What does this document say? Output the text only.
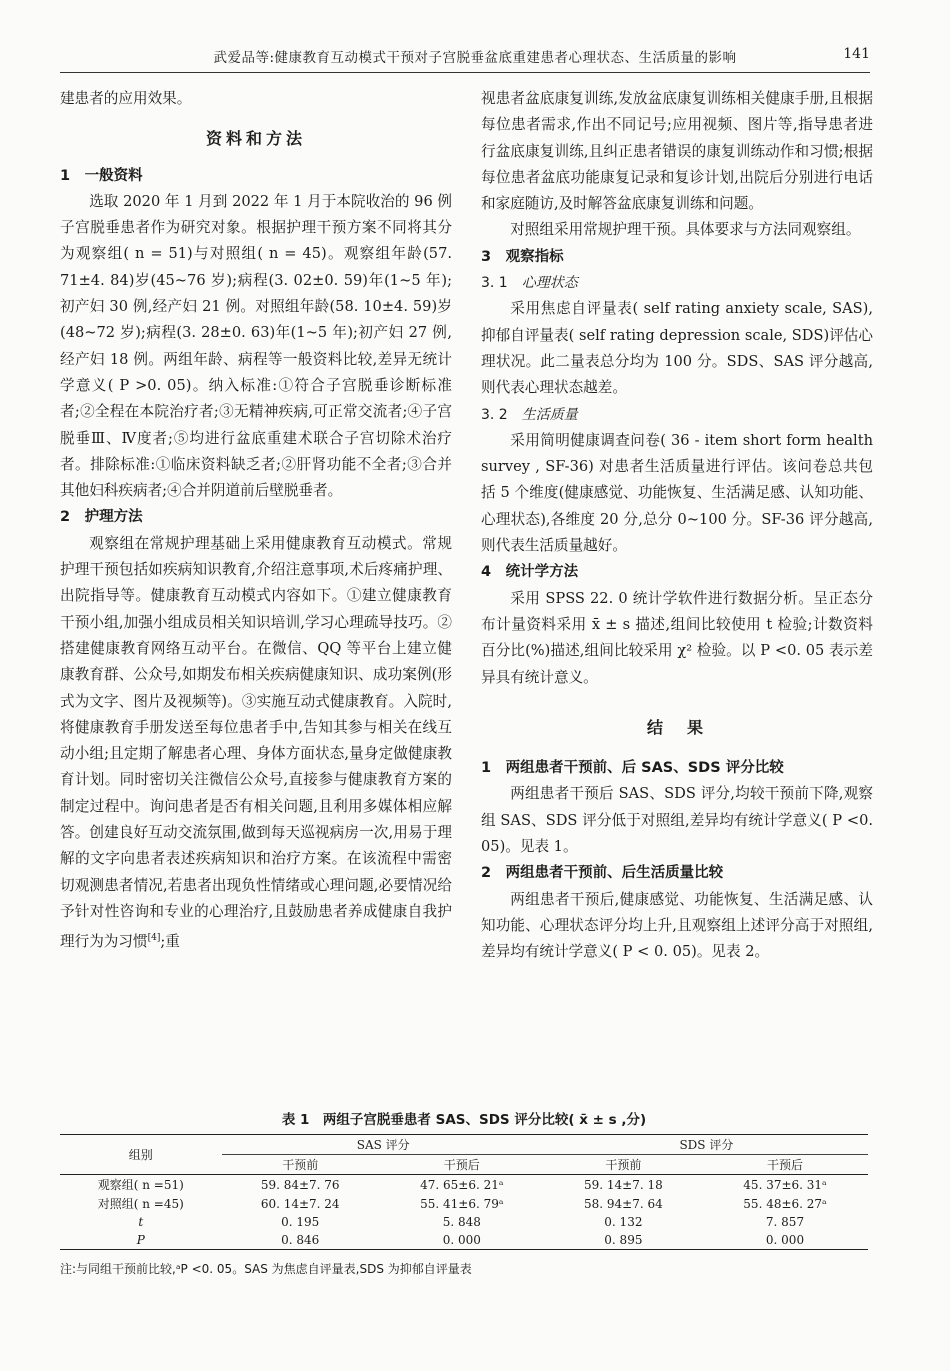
武爱品等:健康教育互动模式干预对子宫脱垂盆底重建患者心理状态、生活质量的影响	141

建患者的应用效果。

资料和方法
1　一般资料

选取 2020 年 1 月到 2022 年 1 月于本院收治的 96 例子宫脱垂患者作为研究对象。根据护理干预方案不同将其分为观察组( n = 51)与对照组( n = 45)。观察组年龄(57. 71±4. 84)岁(45~76 岁);病程(3. 02±0. 59)年(1~5 年);初产妇 30 例,经产妇 21 例。对照组年龄(58. 10±4. 59)岁(48~72 岁);病程(3. 28±0. 63)年(1~5 年);初产妇 27 例,经产妇 18 例。两组年龄、病程等一般资料比较,差异无统计学意义( P >0. 05)。纳入标准:①符合子宫脱垂诊断标准者;②全程在本院治疗者;③无精神疾病,可正常交流者;④子宫脱垂Ⅲ、Ⅳ度者;⑤均进行盆底重建术联合子宫切除术治疗者。排除标准:①临床资料缺乏者;②肝肾功能不全者;③合并其他妇科疾病者;④合并阴道前后壁脱垂者。

2　护理方法

观察组在常规护理基础上采用健康教育互动模式。常规护理干预包括如疾病知识教育,介绍注意事项,术后疼痛护理、出院指导等。健康教育互动模式内容如下。①建立健康教育干预小组,加强小组成员相关知识培训,学习心理疏导技巧。②搭建健康教育网络互动平台。在微信、QQ 等平台上建立健康教育群、公众号,如期发布相关疾病健康知识、成功案例(形式为文字、图片及视频等)。③实施互动式健康教育。入院时,将健康教育手册发送至每位患者手中,告知其参与相关在线互动小组;且定期了解患者心理、身体方面状态,量身定做健康教育计划。同时密切关注微信公众号,直接参与健康教育方案的制定过程中。询问患者是否有相关问题,且利用多媒体相应解答。创建良好互动交流氛围,做到每天巡视病房一次,用易于理解的文字向患者表述疾病知识和治疗方案。在该流程中需密切观测患者情况,若患者出现负性情绪或心理问题,必要情况给予针对性咨询和专业的心理治疗,且鼓励患者养成健康自我护理行为为习惯[4];重

视患者盆底康复训练,发放盆底康复训练相关健康手册,且根据每位患者需求,作出不同记号;应用视频、图片等,指导患者进行盆底康复训练,且纠正患者错误的康复训练动作和习惯;根据每位患者盆底功能康复记录和复诊计划,出院后分别进行电话和家庭随访,及时解答盆底康复训练和问题。

对照组采用常规护理干预。具体要求与方法同观察组。

3　观察指标
3. 1　心理状态

采用焦虑自评量表( self rating anxiety scale, SAS),抑郁自评量表( self rating depression scale, SDS)评估心理状况。此二量表总分均为 100 分。SDS、SAS 评分越高,则代表心理状态越差。

3. 2　生活质量

采用简明健康调查问卷( 36 - item short form health survey , SF-36) 对患者生活质量进行评估。该问卷总共包括 5 个维度(健康感觉、功能恢复、生活满足感、认知功能、心理状态),各维度 20 分,总分 0~100 分。SF-36 评分越高,则代表生活质量越好。

4　统计学方法

采用 SPSS 22. 0 统计学软件进行数据分析。呈正态分布计量资料采用 x̄ ± s 描述,组间比较使用 t 检验;计数资料百分比(%)描述,组间比较采用 χ² 检验。以 P <0. 05 表示差异具有统计意义。

结　果
1　两组患者干预前、后 SAS、SDS 评分比较

两组患者干预后 SAS、SDS 评分,均较干预前下降,观察组 SAS、SDS 评分低于对照组,差异均有统计学意义( P <0. 05)。见表 1。

2　两组患者干预前、后生活质量比较

两组患者干预后,健康感觉、功能恢复、生活满足感、认知功能、心理状态评分均上升,且观察组上述评分高于对照组,差异均有统计学意义( P < 0. 05)。见表 2。

表 1　两组子宫脱垂患者 SAS、SDS 评分比较( x̄ ± s ,分)
组别	SAS 评分		SDS 评分	
	干预前	干预后	干预前	干预后
观察组( n =51)	59. 84±7. 76	47. 65±6. 21ᵃ	59. 14±7. 18	45. 37±6. 31ᵃ
对照组( n =45)	60. 14±7. 24	55. 41±6. 79ᵃ	58. 94±7. 64	55. 48±6. 27ᵃ
t	0. 195	5. 848	0. 132	7. 857
P	0. 846	0. 000	0. 895	0. 000
注:与同组干预前比较,ᵃP <0. 05。SAS 为焦虑自评量表,SDS 为抑郁自评量表
